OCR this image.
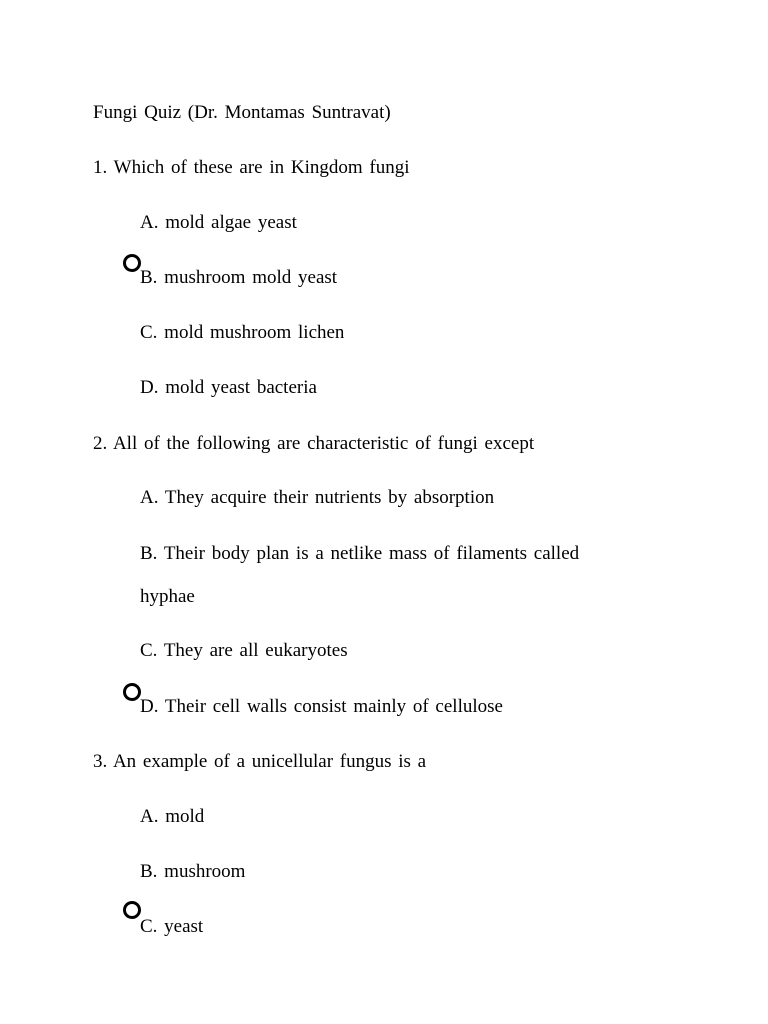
Fungi Quiz (Dr. Montamas Suntravat)
1. Which of these are in Kingdom fungi
A. mold algae yeast
B. mushroom mold yeast
C. mold mushroom lichen
D. mold yeast bacteria
2. All of the following are characteristic of fungi except
A. They acquire their nutrients by absorption
B. Their body plan is a netlike mass of filaments called
hyphae
C. They are all eukaryotes
D. Their cell walls consist mainly of cellulose
3. An example of a unicellular fungus is a
A. mold
B. mushroom
C. yeast
